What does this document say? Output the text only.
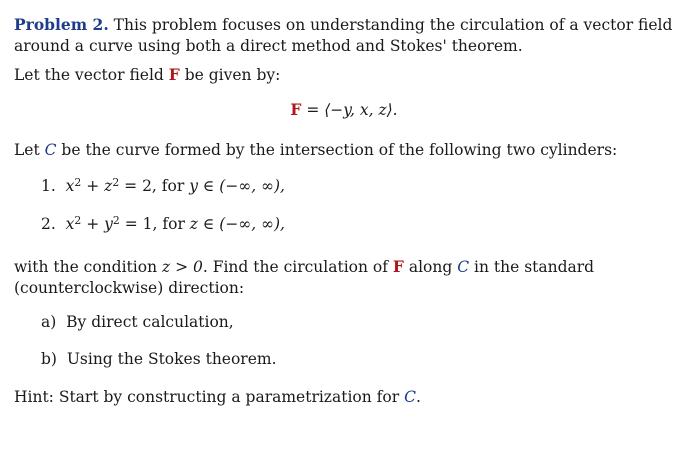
Problem 2. This problem focuses on understanding the circulation of a vector field around a curve using both a direct method and Stokes' theorem.
Let the vector field F be given by:
F = ⟨−y, x, z⟩.
Let C be the curve formed by the intersection of the following two cylinders:
1. $x^2 + z^2 = 2$, for y ∈ (−∞, ∞),
2. $x^2 + y^2 = 1$, for z ∈ (−∞, ∞),
with the condition z > 0. Find the circulation of F along C in the standard (counterclockwise) direction:
a) By direct calculation,
b) Using the Stokes theorem.
Hint: Start by constructing a parametrization for C.
